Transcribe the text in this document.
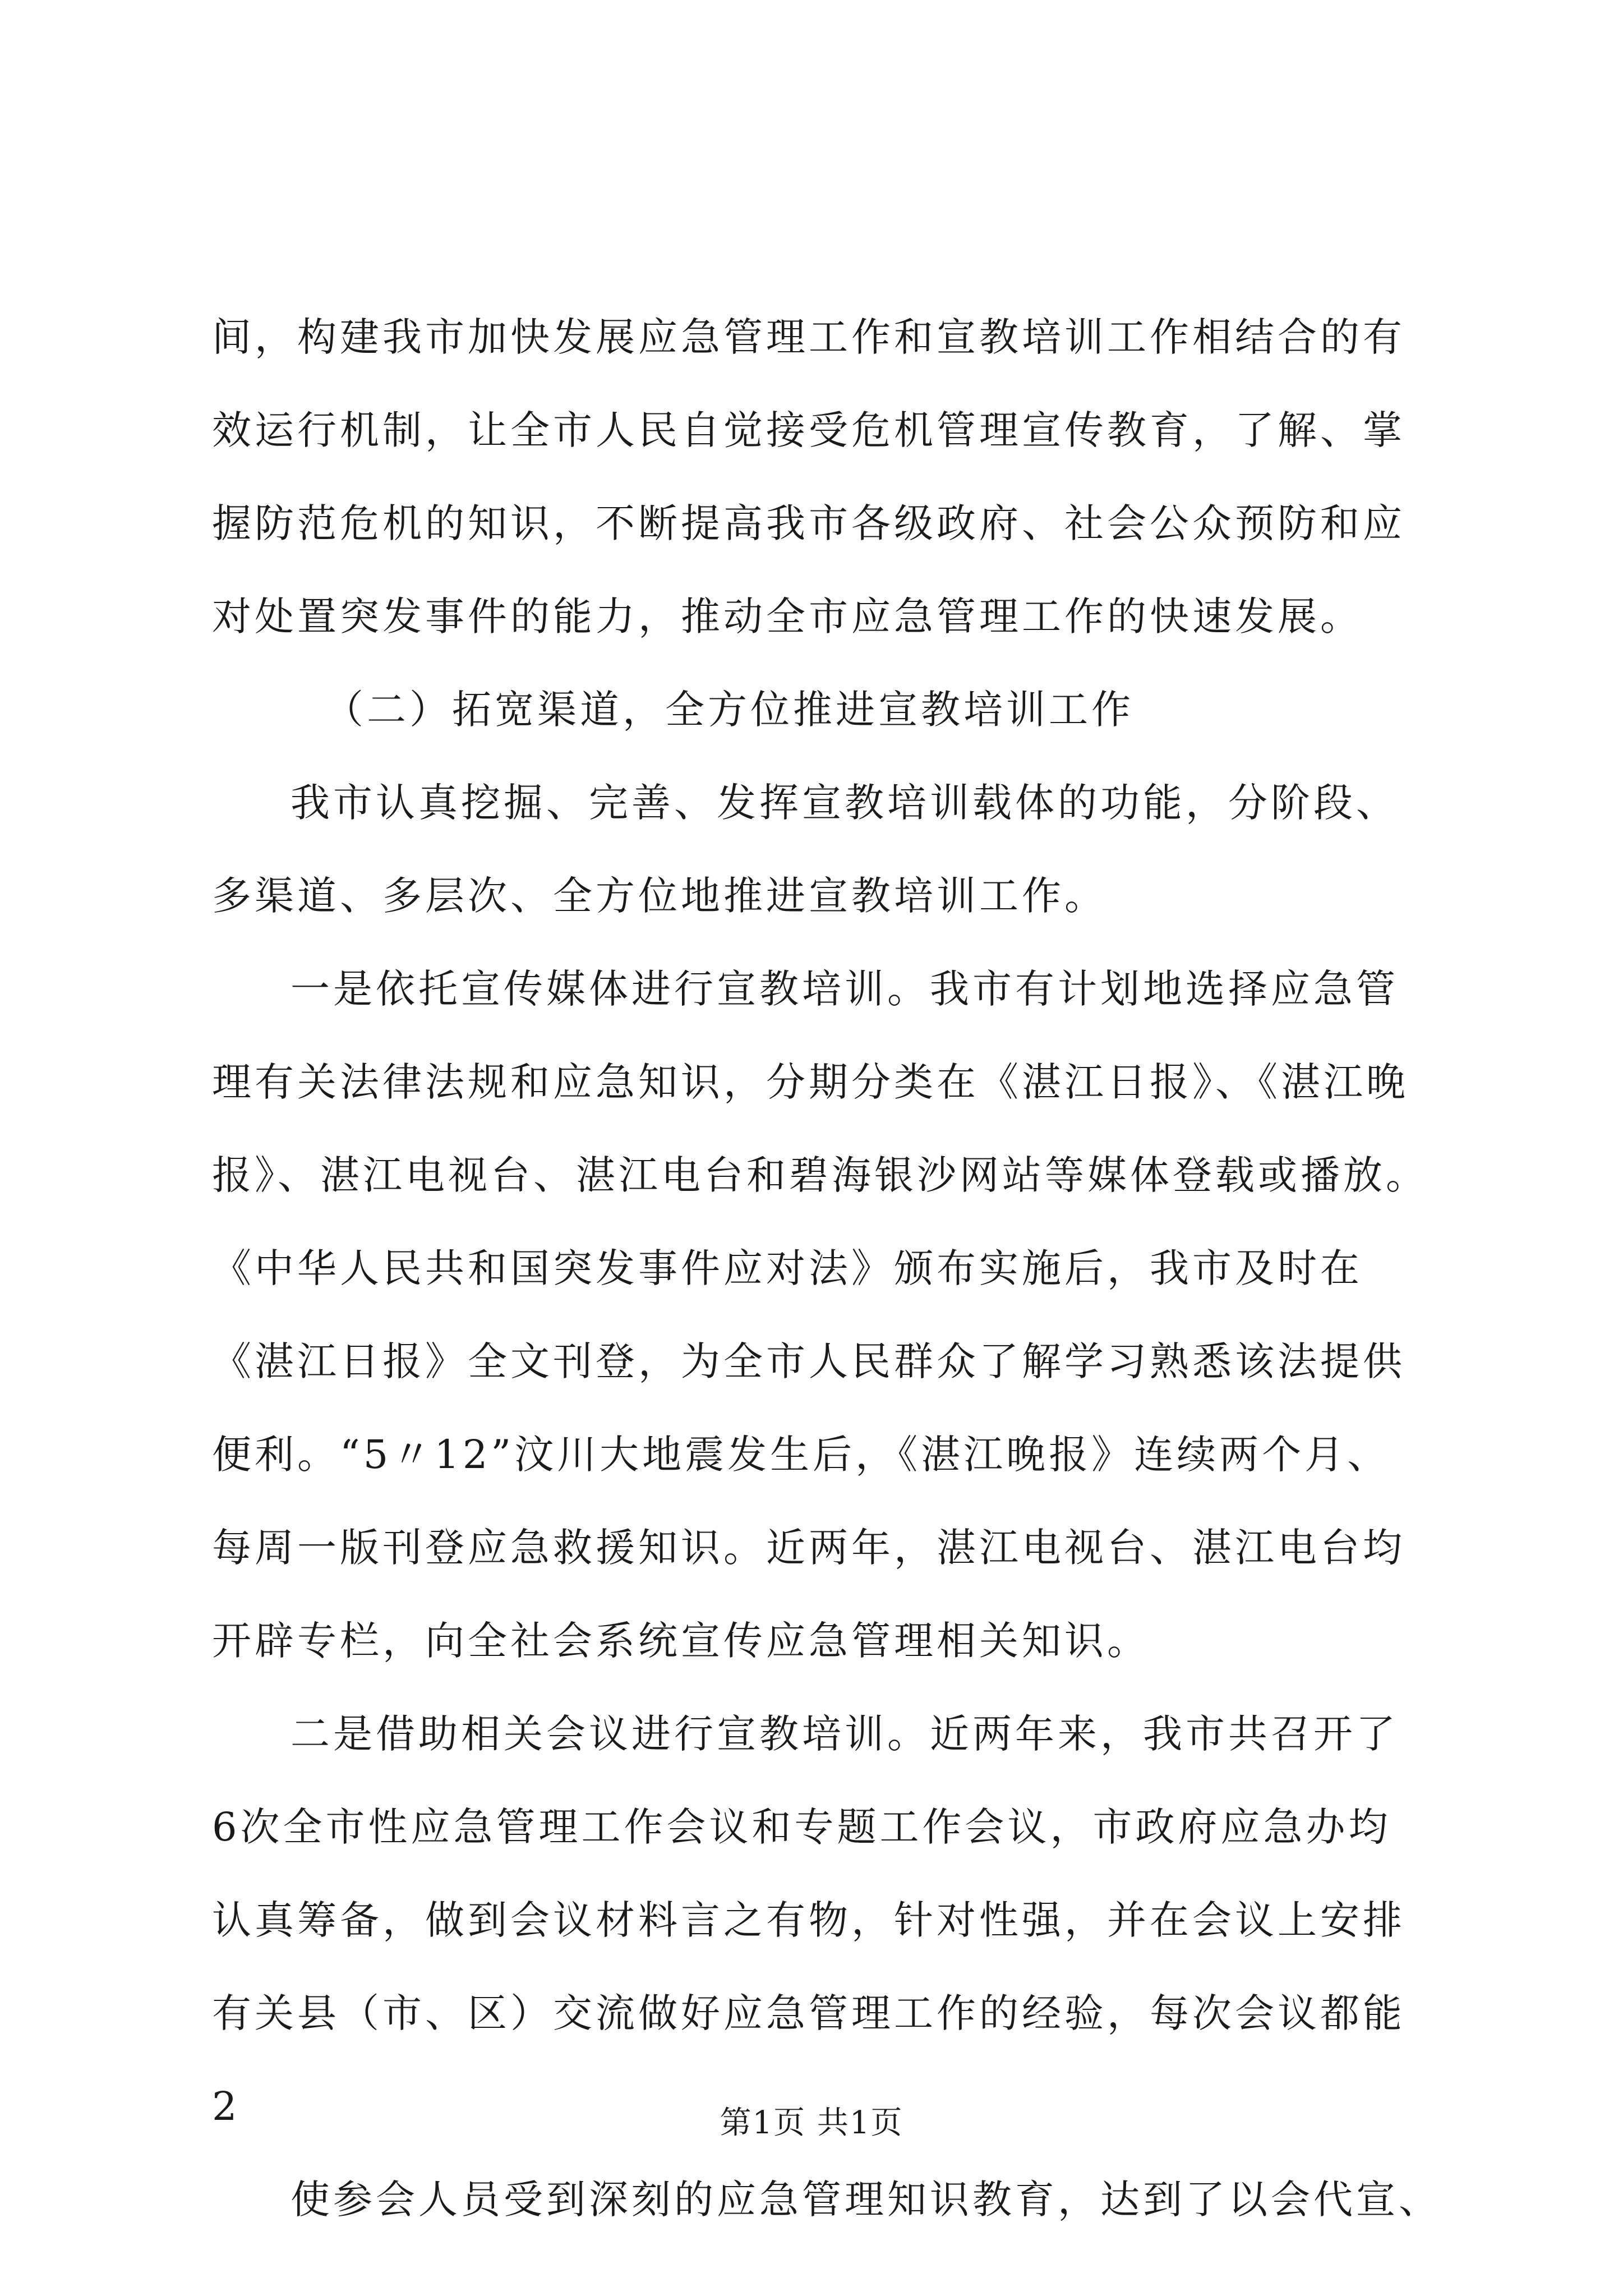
间，构建我市加快发展应急管理工作和宣教培训工作相结合的有
效运行机制，让全市人民自觉接受危机管理宣传教育，了解、掌
握防范危机的知识，不断提高我市各级政府、社会公众预防和应
对处置突发事件的能力，推动全市应急管理工作的快速发展。
（二）拓宽渠道，全方位推进宣教培训工作
我市认真挖掘、完善、发挥宣教培训载体的功能，分阶段、
多渠道、多层次、全方位地推进宣教培训工作。
一是依托宣传媒体进行宣教培训。我市有计划地选择应急管
理有关法律法规和应急知识，分期分类在《湛江日报》、《湛江晚
报》、湛江电视台、湛江电台和碧海银沙网站等媒体登载或播放。
《中华人民共和国突发事件应对法》颁布实施后，我市及时在
《湛江日报》全文刊登，为全市人民群众了解学习熟悉该法提供
便利。“5〃12”汶川大地震发生后，《湛江晚报》连续两个月、
每周一版刊登应急救援知识。近两年，湛江电视台、湛江电台均
开辟专栏，向全社会系统宣传应急管理相关知识。
二是借助相关会议进行宣教培训。近两年来，我市共召开了
6次全市性应急管理工作会议和专题工作会议，市政府应急办均
认真筹备，做到会议材料言之有物，针对性强，并在会议上安排
有关县（市、区）交流做好应急管理工作的经验，每次会议都能
2
使参会人员受到深刻的应急管理知识教育，达到了以会代宣、
第1页 共1页
